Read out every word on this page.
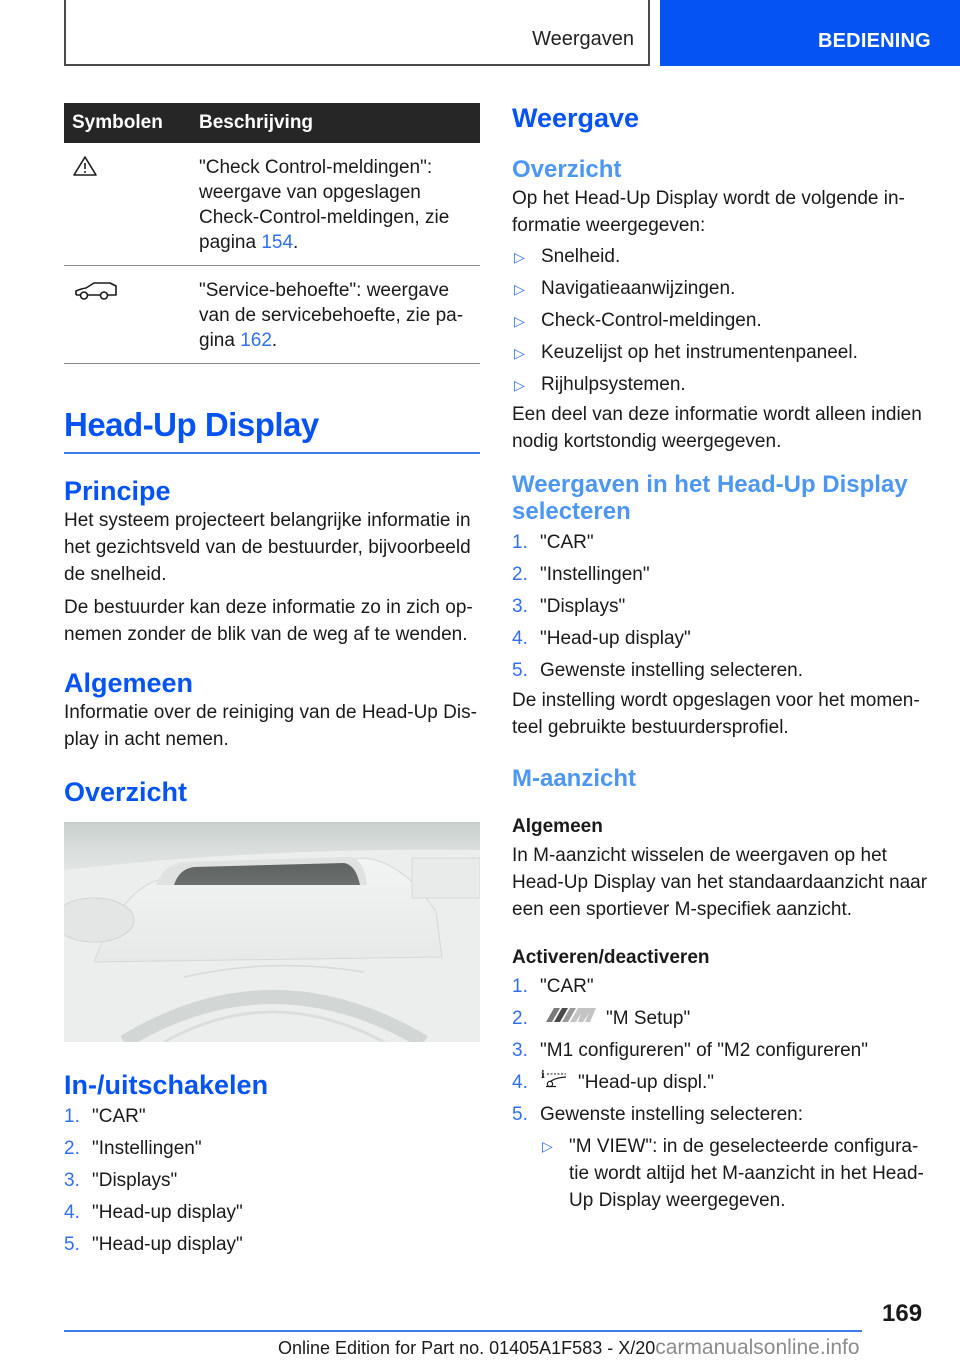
Weergaven	BEDIENING
Symbolen	Beschrijving
	"Check Control-meldingen": weergave van opgeslagen Check-Control-meldingen, zie pagina 154.
	"Service-behoefte": weergave van de servicebehoefte, zie pa-gina 162.
Head-Up Display
Principe

Het systeem projecteert belangrijke informatie in het gezichtsveld van de bestuurder, bijvoorbeeld de snelheid.

De bestuurder kan deze informatie zo in zich op-nemen zonder de blik van de weg af te wenden.

Algemeen

Informatie over de reiniging van de Head-Up Dis-play in acht nemen.

Overzicht
In-/uitschakelen
1. "CAR"
2. "Instellingen"
3. "Displays"
4. "Head-up display"
5. "Head-up display"
Weergave
Overzicht

Op het Head-Up Display wordt de volgende in-formatie weergegeven:

▷ Snelheid.
▷ Navigatieaanwijzingen.
▷ Check-Control-meldingen.
▷ Keuzelijst op het instrumentenpaneel.
▷ Rijhulpsystemen.

Een deel van deze informatie wordt alleen indien nodig kortstondig weergegeven.

Weergaven in het Head-Up Display selecteren
1. "CAR"
2. "Instellingen"
3. "Displays"
4. "Head-up display"
5. Gewenste instelling selecteren.

De instelling wordt opgeslagen voor het momen-teel gebruikte bestuurdersprofiel.

M-aanzicht
Algemeen

In M-aanzicht wisselen de weergaven op het Head-Up Display van het standaardaanzicht naar een een sportiever M-specifiek aanzicht.

Activeren/deactiveren
1. "CAR"
2.	"M Setup"
3. "M1 configureren" of "M2 configureren"
4.	i "Head-up displ."
5. Gewenste instelling selecteren:
▷ "M VIEW": in de geselecteerde configura-tie wordt altijd het M-aanzicht in het Head-Up Display weergegeven.
169
Online Edition for Part no. 01405A1F583 - X/20carmanualsonline.info
